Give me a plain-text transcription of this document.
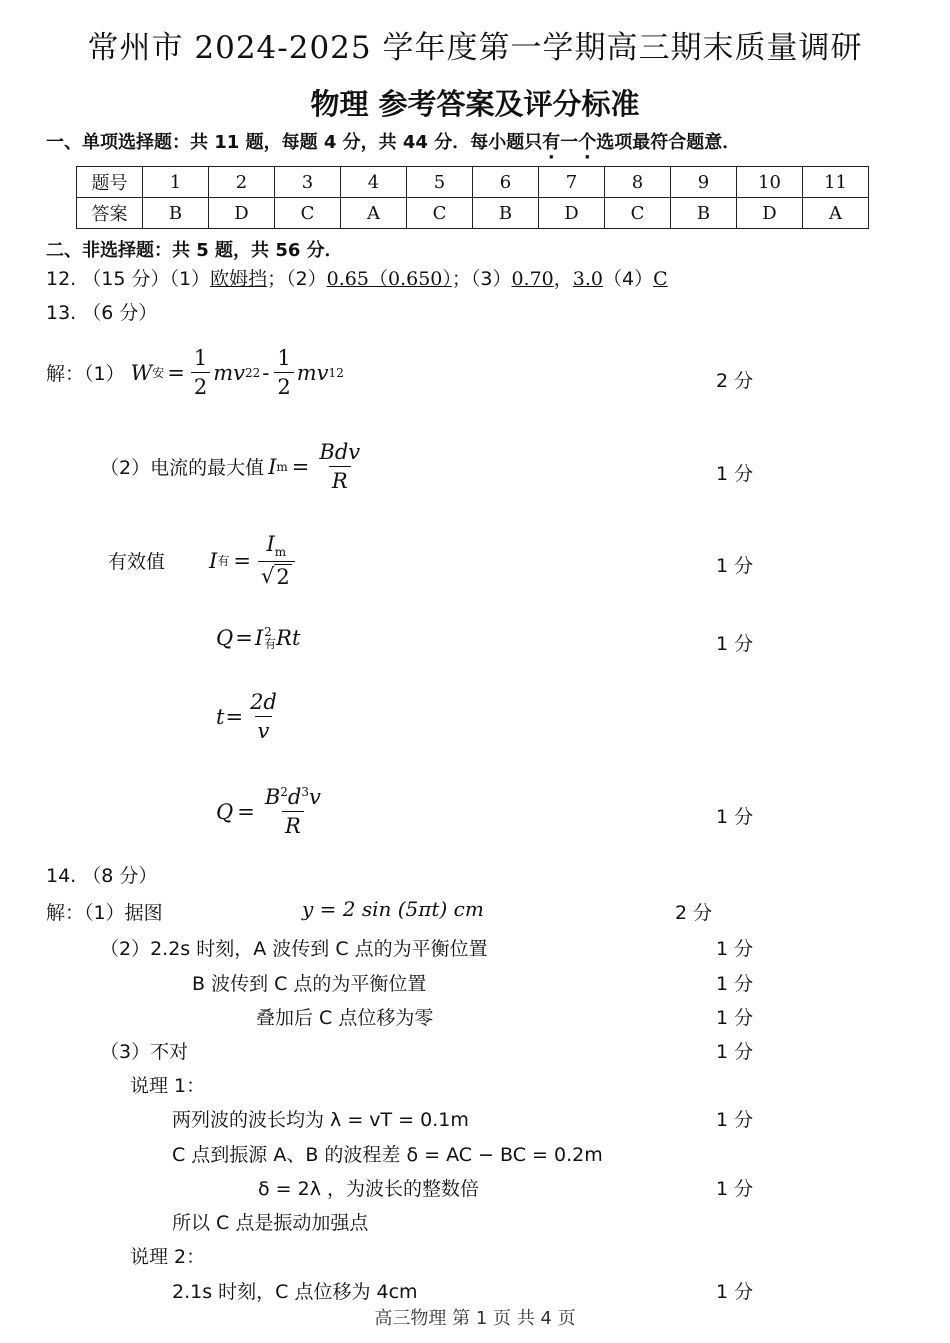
常州市 2024-2025 学年度第一学期高三期末质量调研
物理 参考答案及评分标准
一、单项选择题：共 11 题，每题 4 分，共 44 分．每小题只有一个选项最符合题意．
题号	1	2	3	4	5	6	7	8	9	10	11
答案	B	D	C	A	C	B	D	C	B	D	A
二、非选择题：共 5 题，共 56 分．
12. （15 分）（1）欧姆挡；（2）0.65（0.650）；（3）0.70，3.0（4）C
13. （6 分）
解：（1） W 安 = $\frac{1}{2}$ m v 2 $2 - \frac{1}{2}$ m v 1 2	2 分
（2）电流的最大值 I $m = \frac{\text{Bdv}}{R}$	1 分
有效值 I 有 = $\frac{I_m}{√ 2}$	1 分
Q = I 2
有 Rt	1 分
$t = \frac{2d}{v}$
$Q = \frac{B^2d^3v}{R}$	1 分
14. （8 分）
解：（1）据图	y = 2 sin (5πt) cm	2 分
（2）2.2s 时刻，A 波传到 C 点的为平衡位置	1 分
B 波传到 C 点的为平衡位置	1 分
叠加后 C 点位移为零	1 分
（3）不对	1 分
说理 1：
两列波的波长均为 λ = vT = 0.1m	1 分
C 点到振源 A、B 的波程差 δ = AC − BC = 0.2m
δ = 2λ ，为波长的整数倍	1 分
所以 C 点是振动加强点
说理 2：
2.1s 时刻，C 点位移为 4cm	1 分
高三物理 第 1 页 共 4 页
